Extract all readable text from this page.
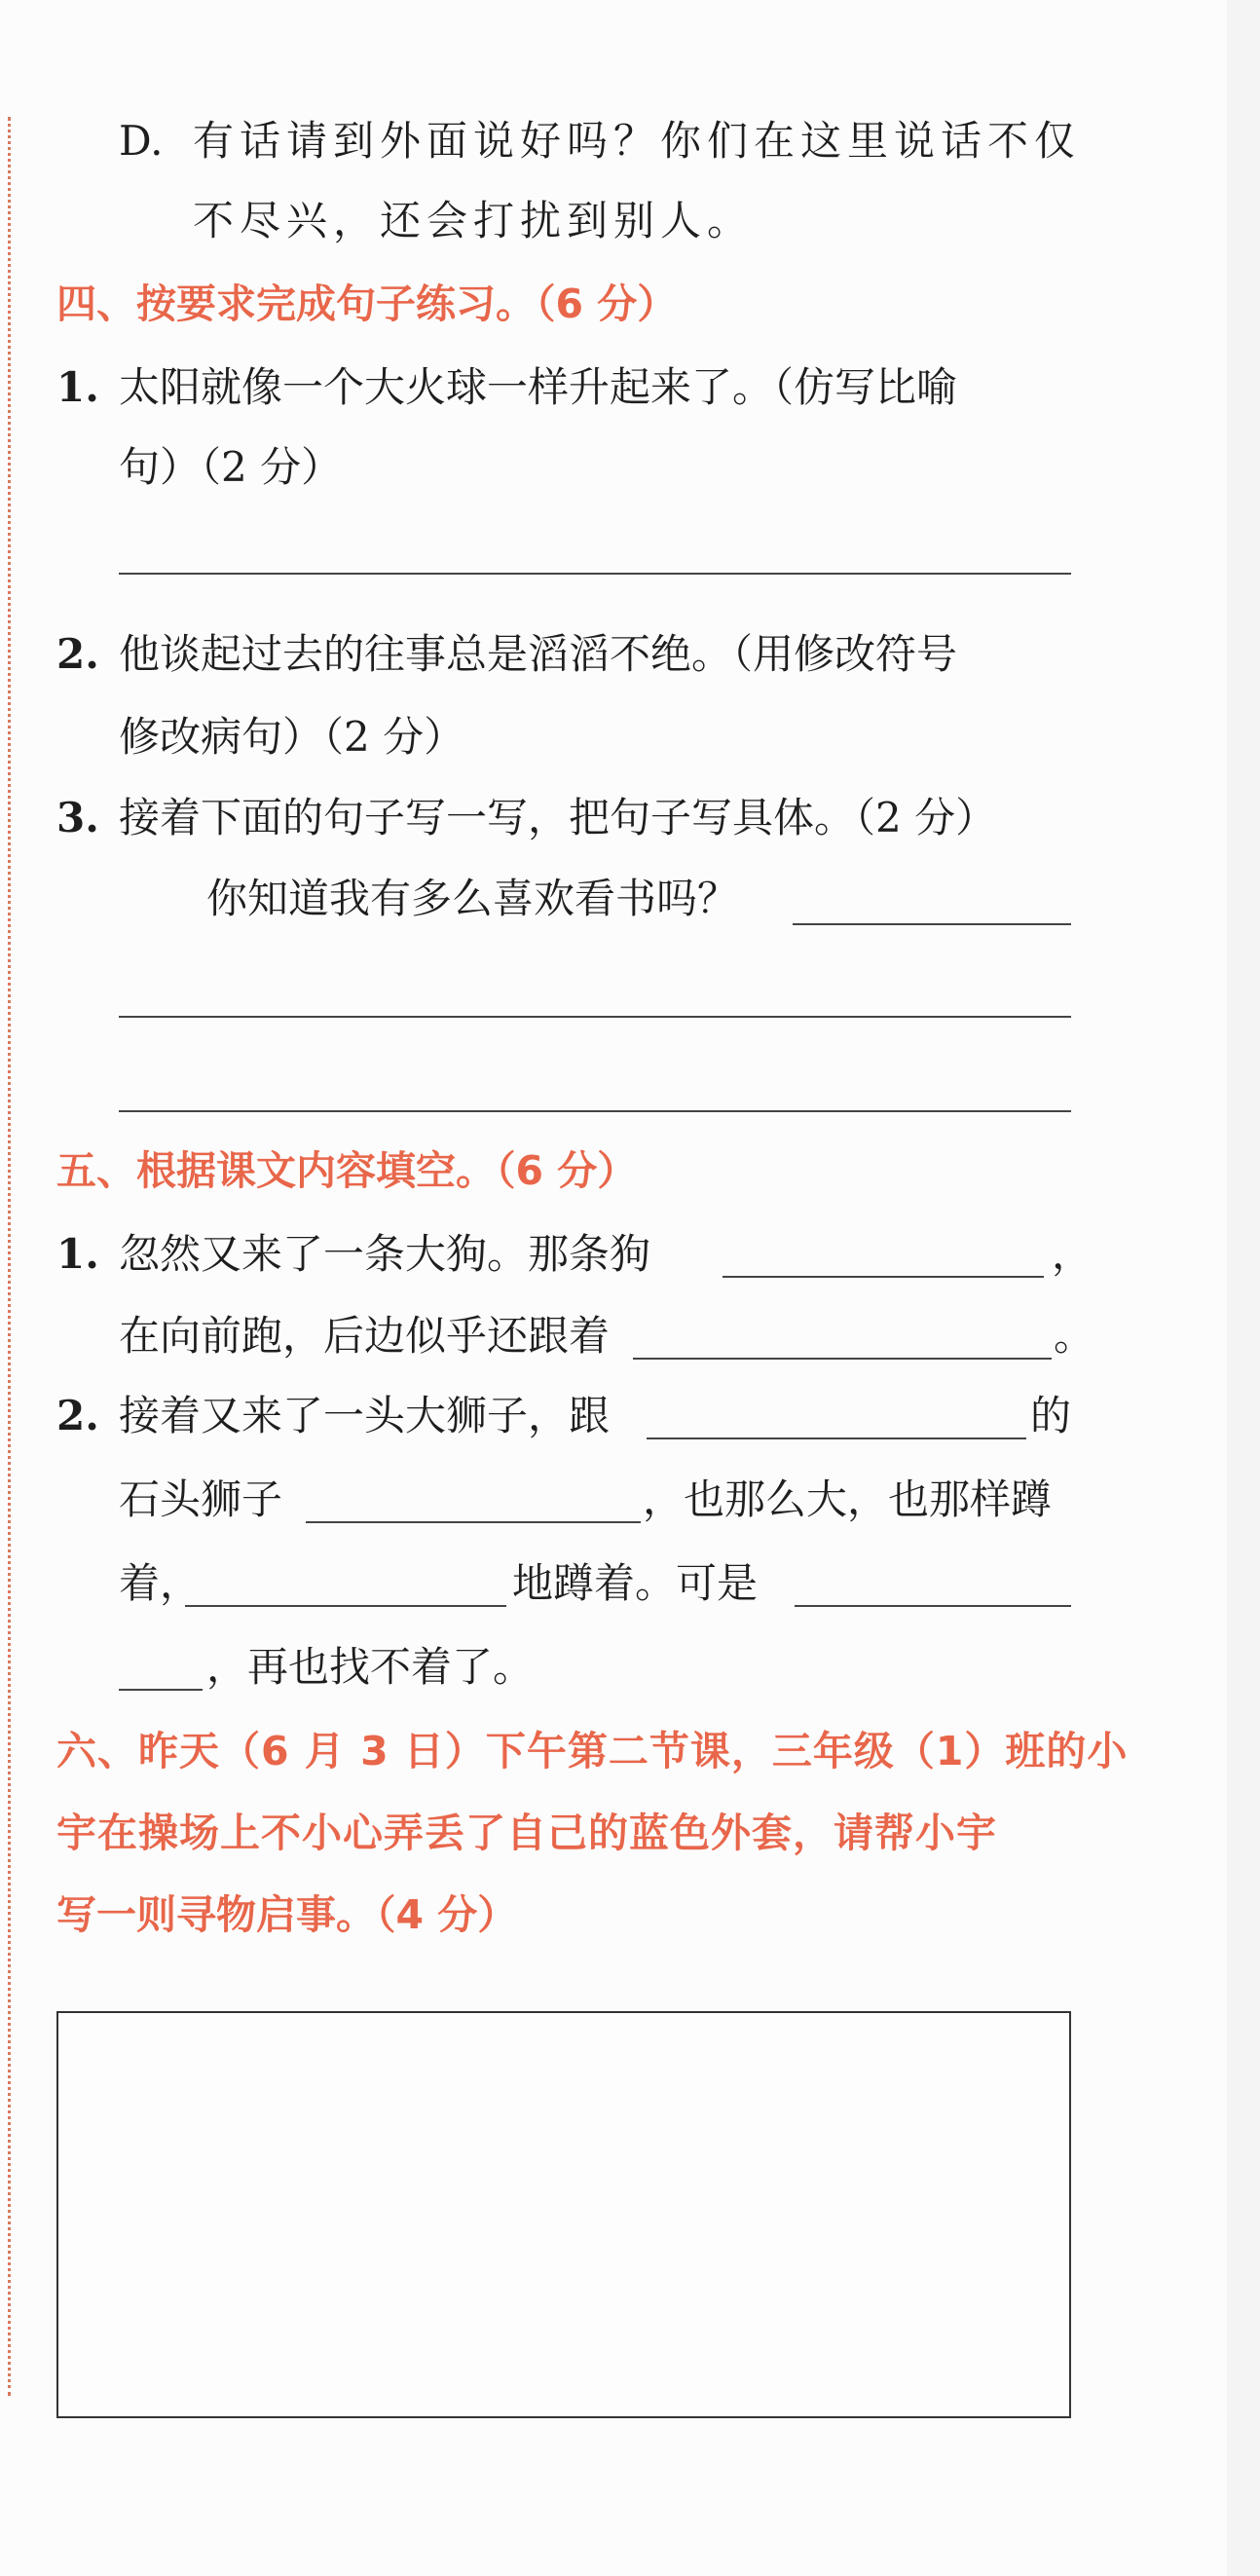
D. 有话请到外面说好吗？你们在这里说话不仅
不尽兴，还会打扰到别人。
四、按要求完成句子练习。（6 分）
1. 太阳就像一个大火球一样升起来了。（仿写比喻
句）（2 分）
2. 他谈起过去的往事总是滔滔不绝。（用修改符号
修改病句）（2 分）
3. 接着下面的句子写一写，把句子写具体。（2 分）
你知道我有多么喜欢看书吗？
五、根据课文内容填空。（6 分）
1. 忽然又来了一条大狗。那条狗	，
在向前跑，后边似乎还跟着	。
2. 接着又来了一头大狮子，跟	的
石头狮子	，也那么大，也那样蹲
着，	地蹲着。可是
，再也找不着了。
六、昨天（6 月 3 日）下午第二节课，三年级（1）班的小
宇在操场上不小心弄丢了自己的蓝色外套，请帮小宇
写一则寻物启事。（4 分）
